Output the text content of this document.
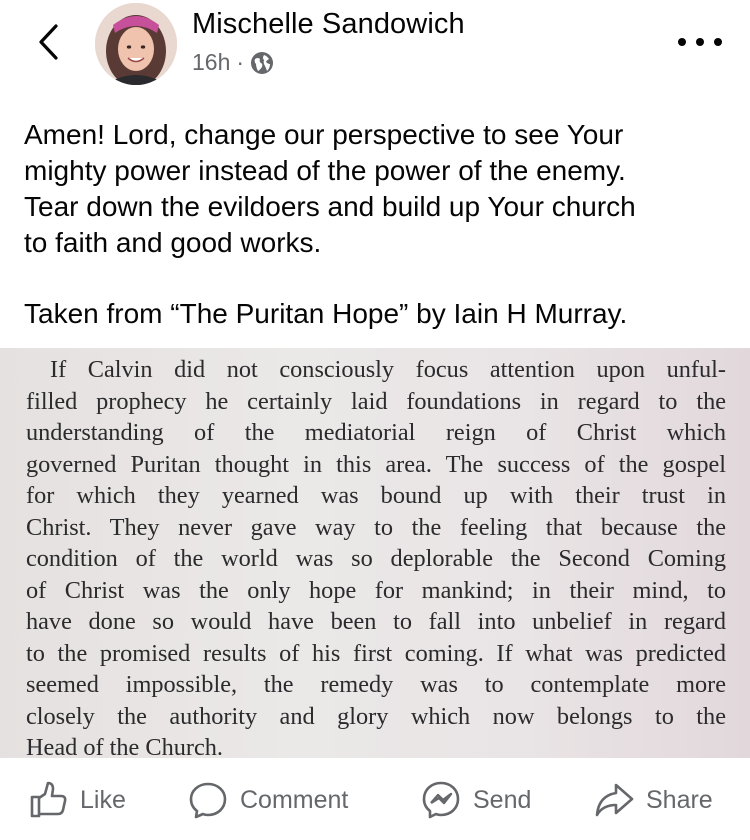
Mischelle Sandowich
16h ·

Amen! Lord, change our perspective to see Your

mighty power instead of the power of the enemy.

Tear down the evildoers and build up Your church

to faith and good works.

Taken from “The Puritan Hope” by Iain H Murray.
If Calvin did not consciously focus attention upon unful-
filled prophecy he certainly laid foundations in regard to the
understanding of the mediatorial reign of Christ which
governed Puritan thought in this area. The success of the gospel
for which they yearned was bound up with their trust in
Christ. They never gave way to the feeling that because the
condition of the world was so deplorable the Second Coming
of Christ was the only hope for mankind; in their mind, to
have done so would have been to fall into unbelief in regard
to the promised results of his first coming. If what was predicted
seemed impossible, the remedy was to contemplate more
closely the authority and glory which now belongs to the
Head of the Church.
Like	Comment	Send	Share
